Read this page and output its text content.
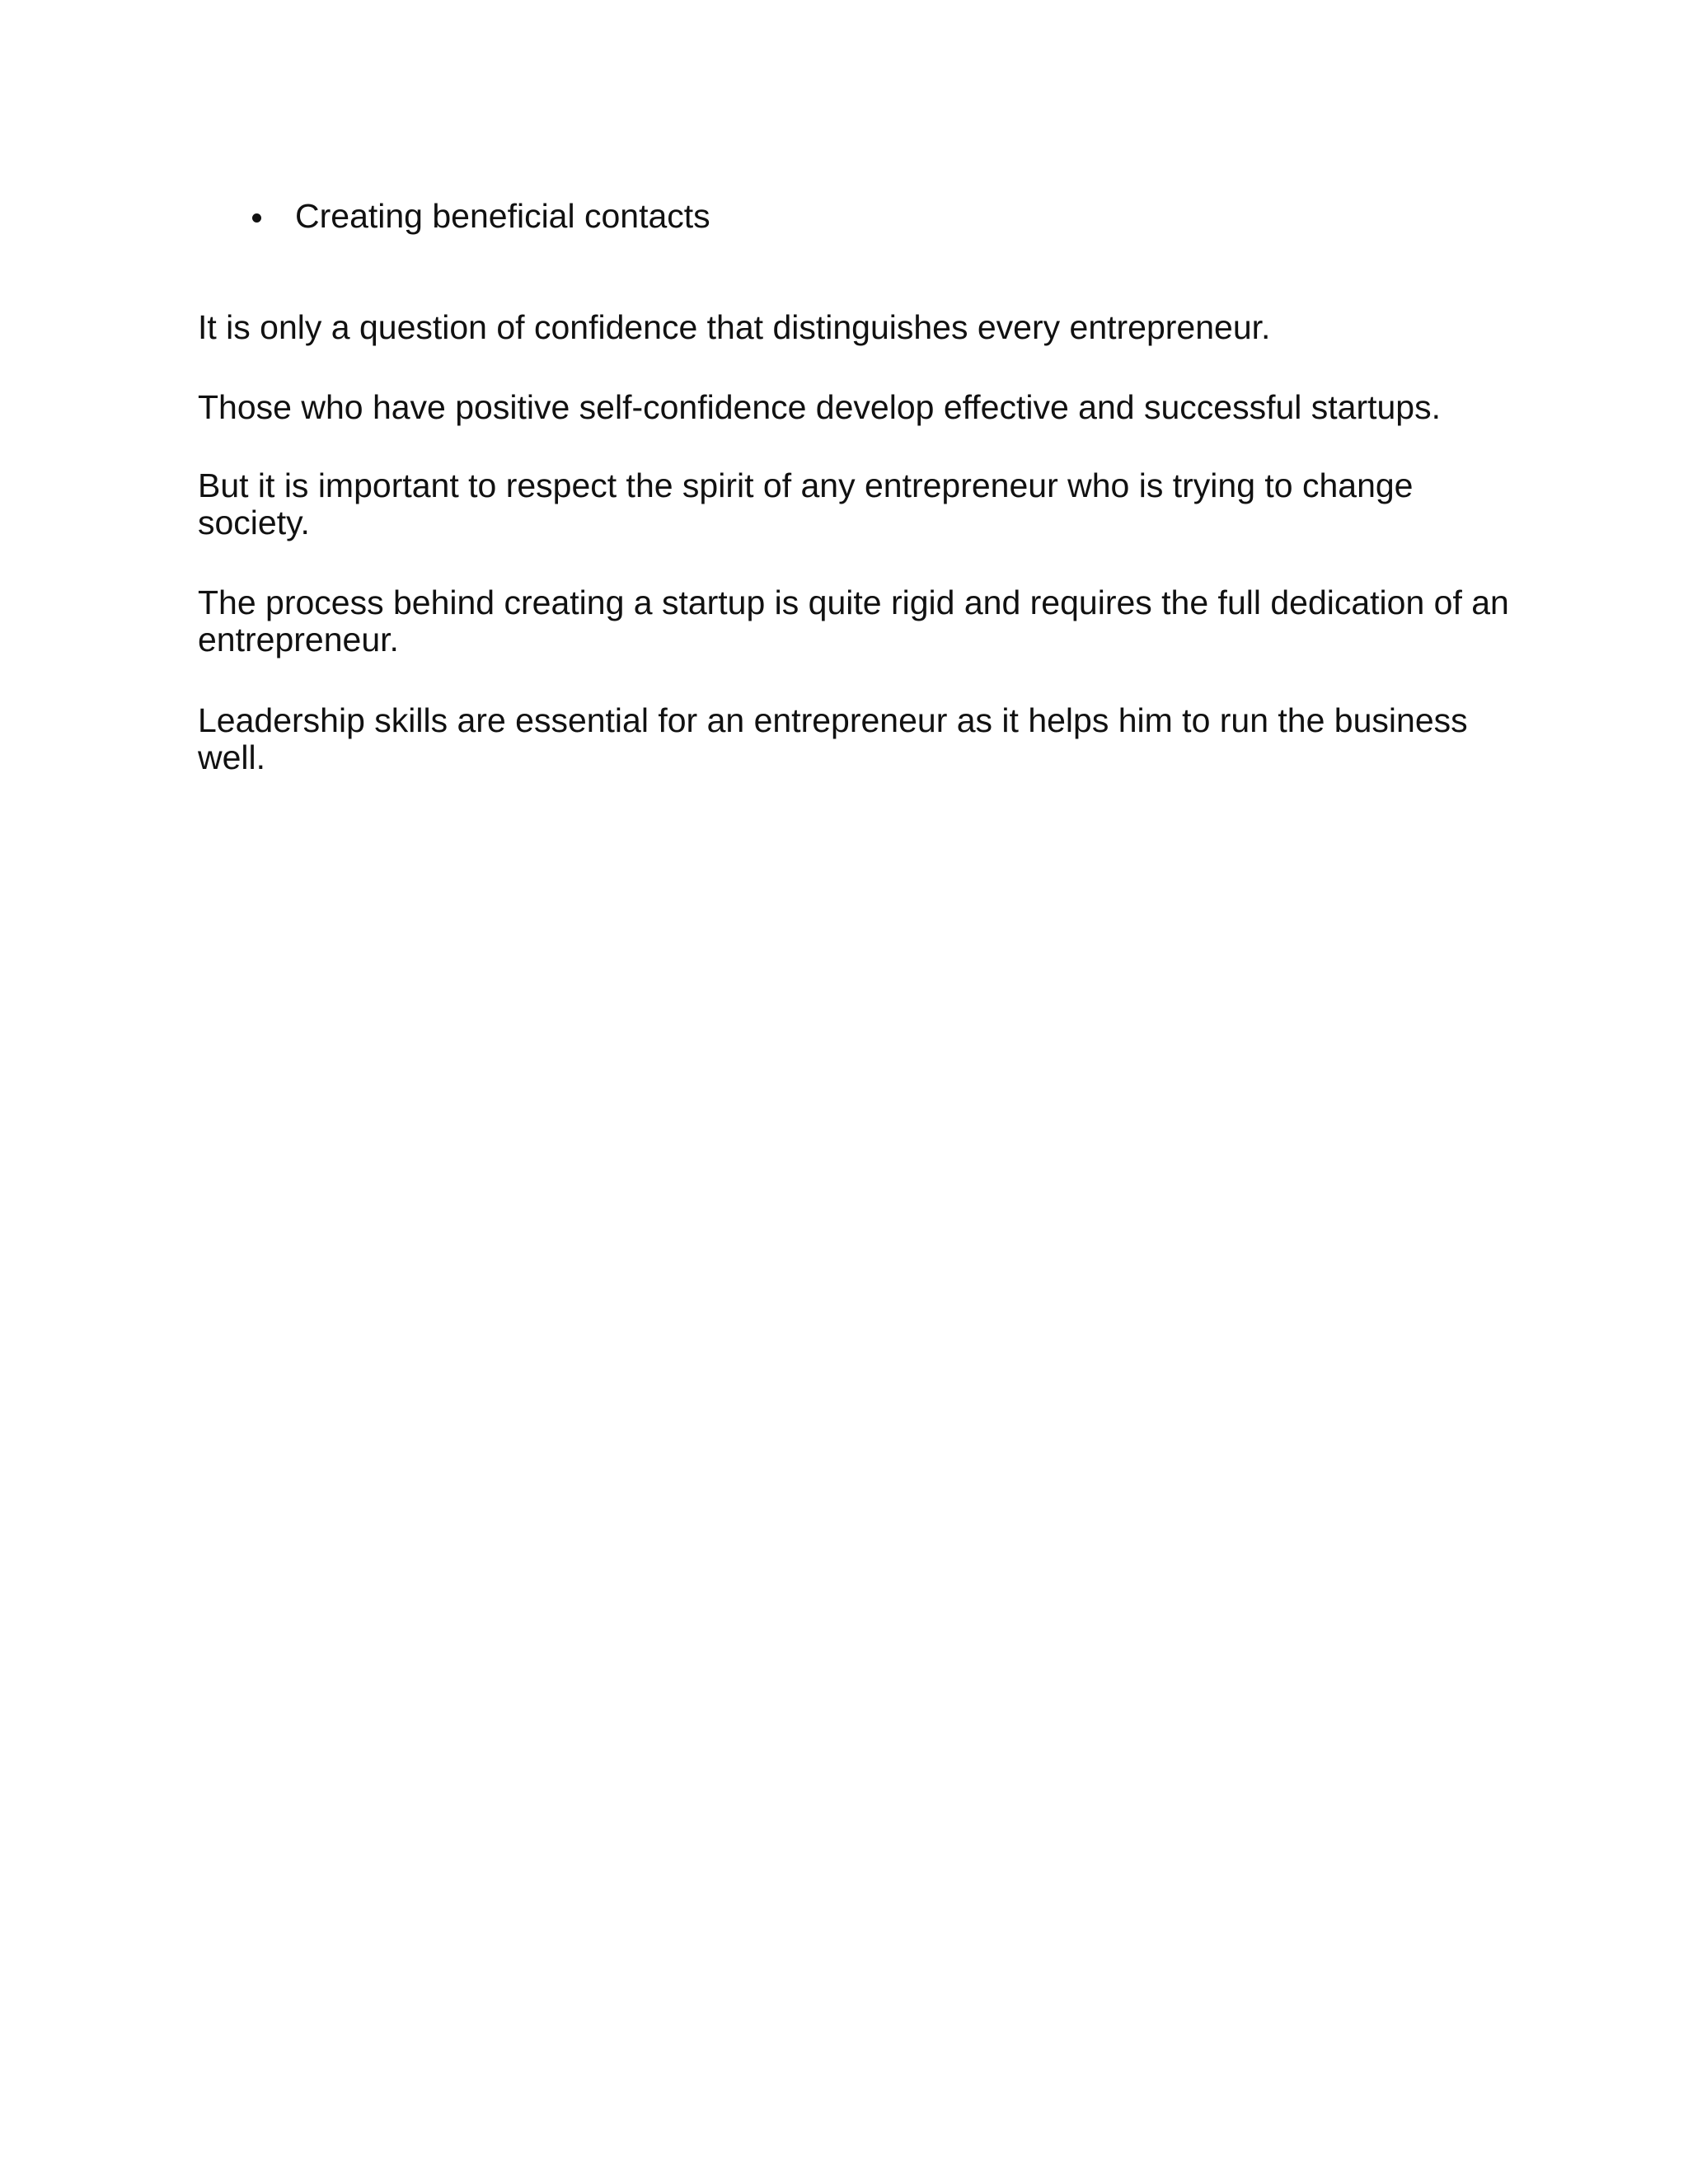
Creating beneficial contacts

It is only a question of confidence that distinguishes every entrepreneur.

Those who have positive self-confidence develop effective and successful startups.

But it is important to respect the spirit of any entrepreneur who is trying to change society.

The process behind creating a startup is quite rigid and requires the full dedication of an entrepreneur.

Leadership skills are essential for an entrepreneur as it helps him to run the business well.
